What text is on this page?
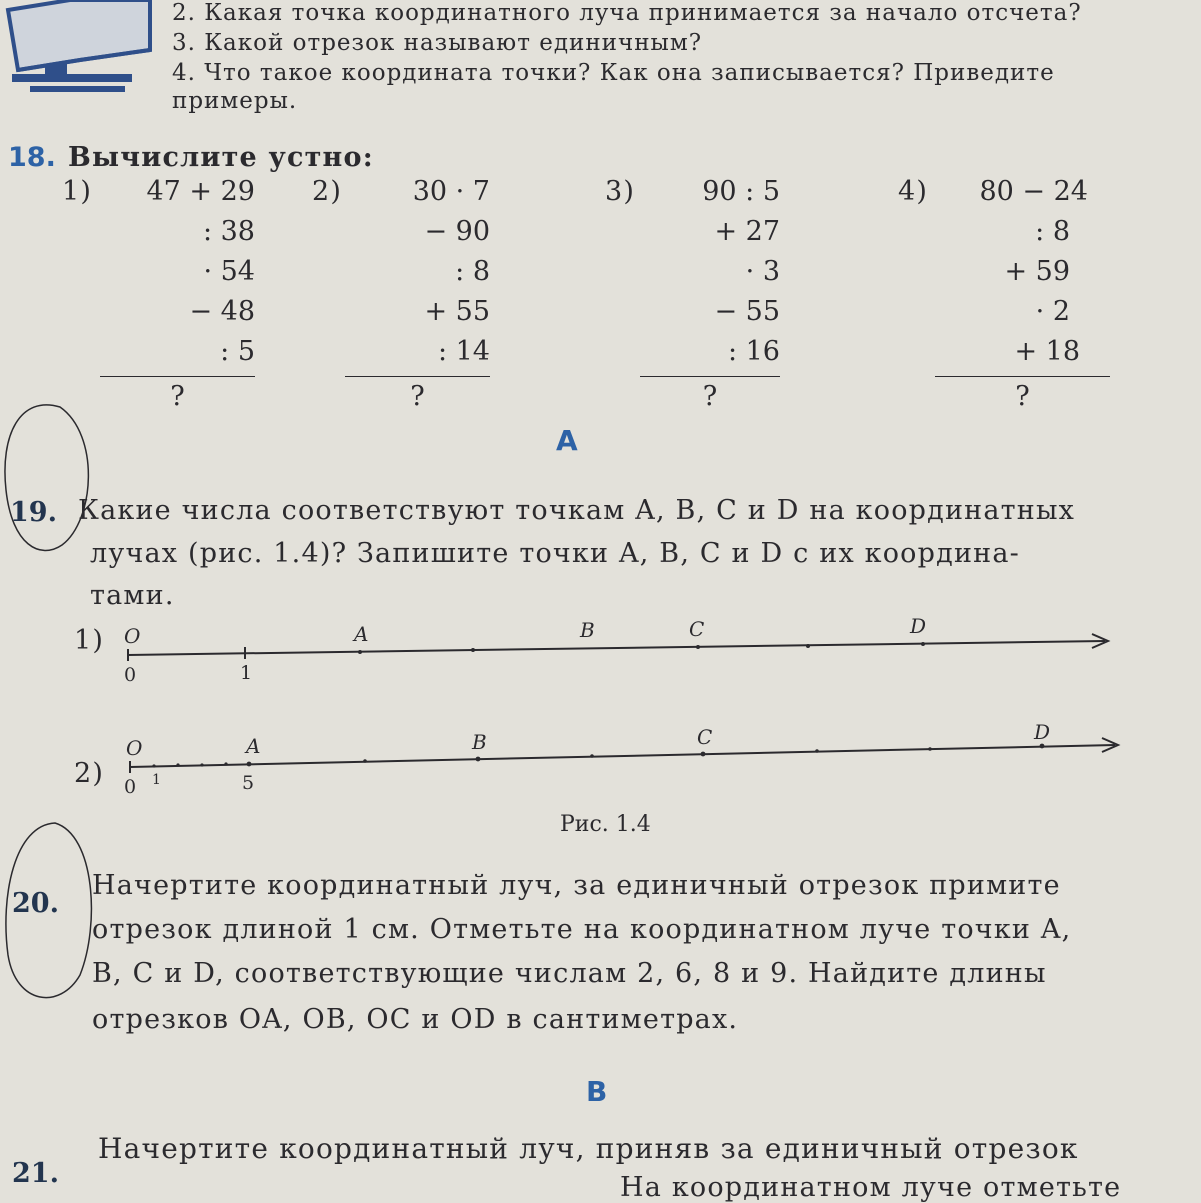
2. Какая точка координатного луча принимается за начало отсчета?
3. Какой отрезок называют единичным?
4. Что такое координата точки? Как она записывается? Приведите
примеры.
18. Вычислите устно:
1)	47 + 29
: 38
· 54
− 48
: 5
?
2)	30 · 7
− 90
: 8
+ 55
: 14
?
3)	90 : 5
+ 27
· 3
− 55
: 16
?
4)	80 − 24
: 8
+ 59
· 2
+ 18
?
А
19. Какие числа соответствуют точкам A, B, C и D на координатных
лучах (рис. 1.4)? Запишите точки A, B, C и D с их координа-
тами.
1) O
0	1
A	B	C	D
2)
O
0 1	5
A	B	C	D
Рис. 1.4
20.
Начертите координатный луч, за единичный отрезок примите
отрезок длиной 1 см. Отметьте на координатном луче точки A,
B, C и D, соответствующие числам 2, 6, 8 и 9. Найдите длины
отрезков OA, OB, OC и OD в сантиметрах.
В
21.
Начертите координатный луч, приняв за единичный отрезок
На координатном луче отметьте
